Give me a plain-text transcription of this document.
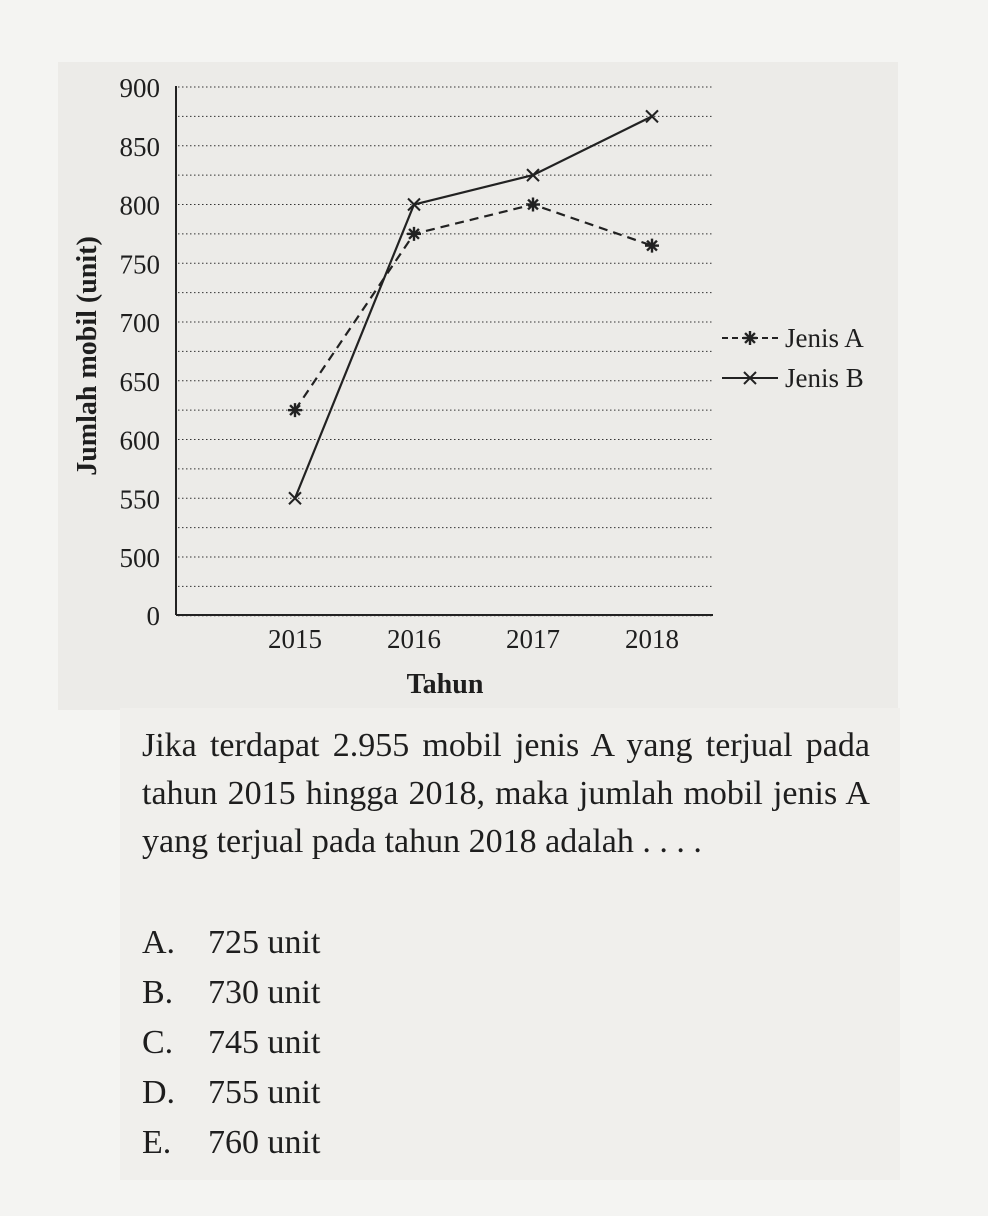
0
500
550
600
650
700
750
800
850
900
2015 2016 2017 2018
Tahun
Jumlah mobil (unit)	Jenis A
Jenis B
Jika terdapat 2.955 mobil jenis A yang terjual pada tahun 2015 hingga 2018, maka jumlah mobil jenis A yang terjual pada tahun 2018 adalah . . . .
A. 725 unit
B.	730 unit
C.	745 unit
D. 755 unit
E.	760 unit
